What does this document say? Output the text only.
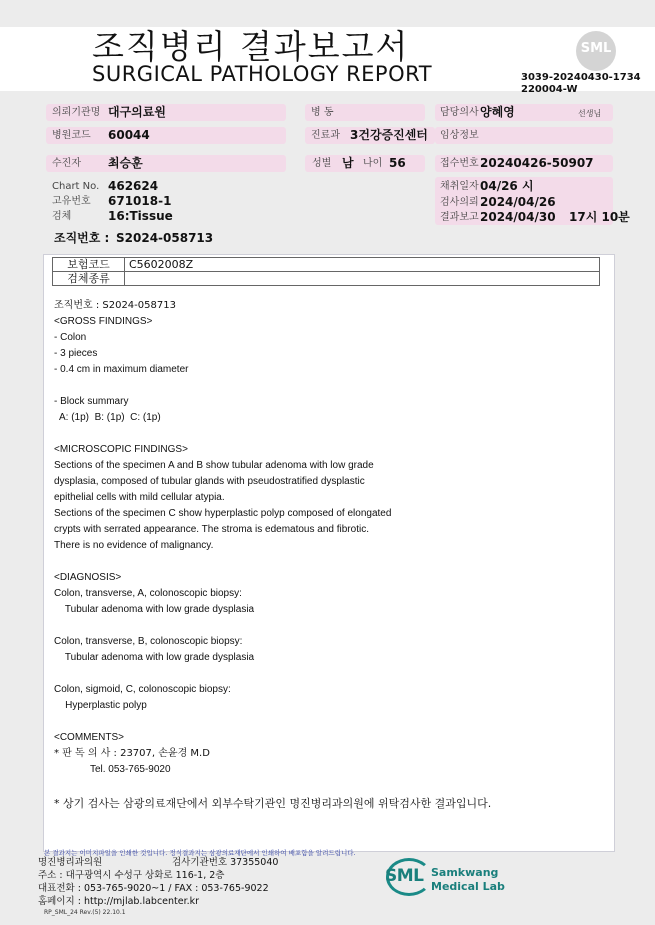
조직병리 결과보고서
SURGICAL PATHOLOGY REPORT
SML
3039-20240430-1734
220004-W
의뢰기관명 대구의료원	병 동	담당의사 양혜영	선생님
병원코드 60044	진료과 3건강증진센터 임상정보
수진자 최승훈	성별 남 나이 56	접수번호 20240426-50907
Chart No. 462624
고유번호 671018-1
검체	16:Tissue
채취일자 04/26 시
검사의뢰 2024/04/26
결과보고 2024/04/30 17시 10분
조직번호 : S2024-058713
보험코드	C5602008Z
검체종류	
조직번호 : S2024-058713
<GROSS FINDINGS>
- Colon
- 3 pieces
- 0.4 cm in maximum diameter
- Block summary
A: (1p)  B: (1p)  C: (1p)
<MICROSCOPIC FINDINGS>
Sections of the specimen A and B show tubular adenoma with low grade
dysplasia, composed of tubular glands with pseudostratified dysplastic
epithelial cells with mild cellular atypia.
Sections of the specimen C show hyperplastic polyp composed of elongated
crypts with serrated appearance. The stroma is edematous and fibrotic.
There is no evidence of malignancy.
<DIAGNOSIS>
Colon, transverse, A, colonoscopic biopsy:
Tubular adenoma with low grade dysplasia
Colon, transverse, B, colonoscopic biopsy:
Tubular adenoma with low grade dysplasia
Colon, sigmoid, C, colonoscopic biopsy:
Hyperplastic polyp
<COMMENTS>
* 판 독 의 사 : 23707, 손윤경 M.D
Tel. 053-765-9020
* 상기 검사는 삼광의료재단에서 외부수탁기관인 명진병리과의원에 위탁검사한 결과입니다.
본 결과지는 이미지파일을 인쇄한 것입니다. 정식결과지는 삼광의료재단에서 인쇄하여 배포함을 알려드립니다.
명진병리과의원	검사기관번호 37355040
주소 : 대구광역시 수성구 상화로 116-1, 2층
대표전화 : 053-765-9020~1 / FAX : 053-765-9022
홈페이지 : http://mjlab.labcenter.kr
RP_SML_24 Rev.(5) 22.10.1
SML Samkwang
Medical Lab
